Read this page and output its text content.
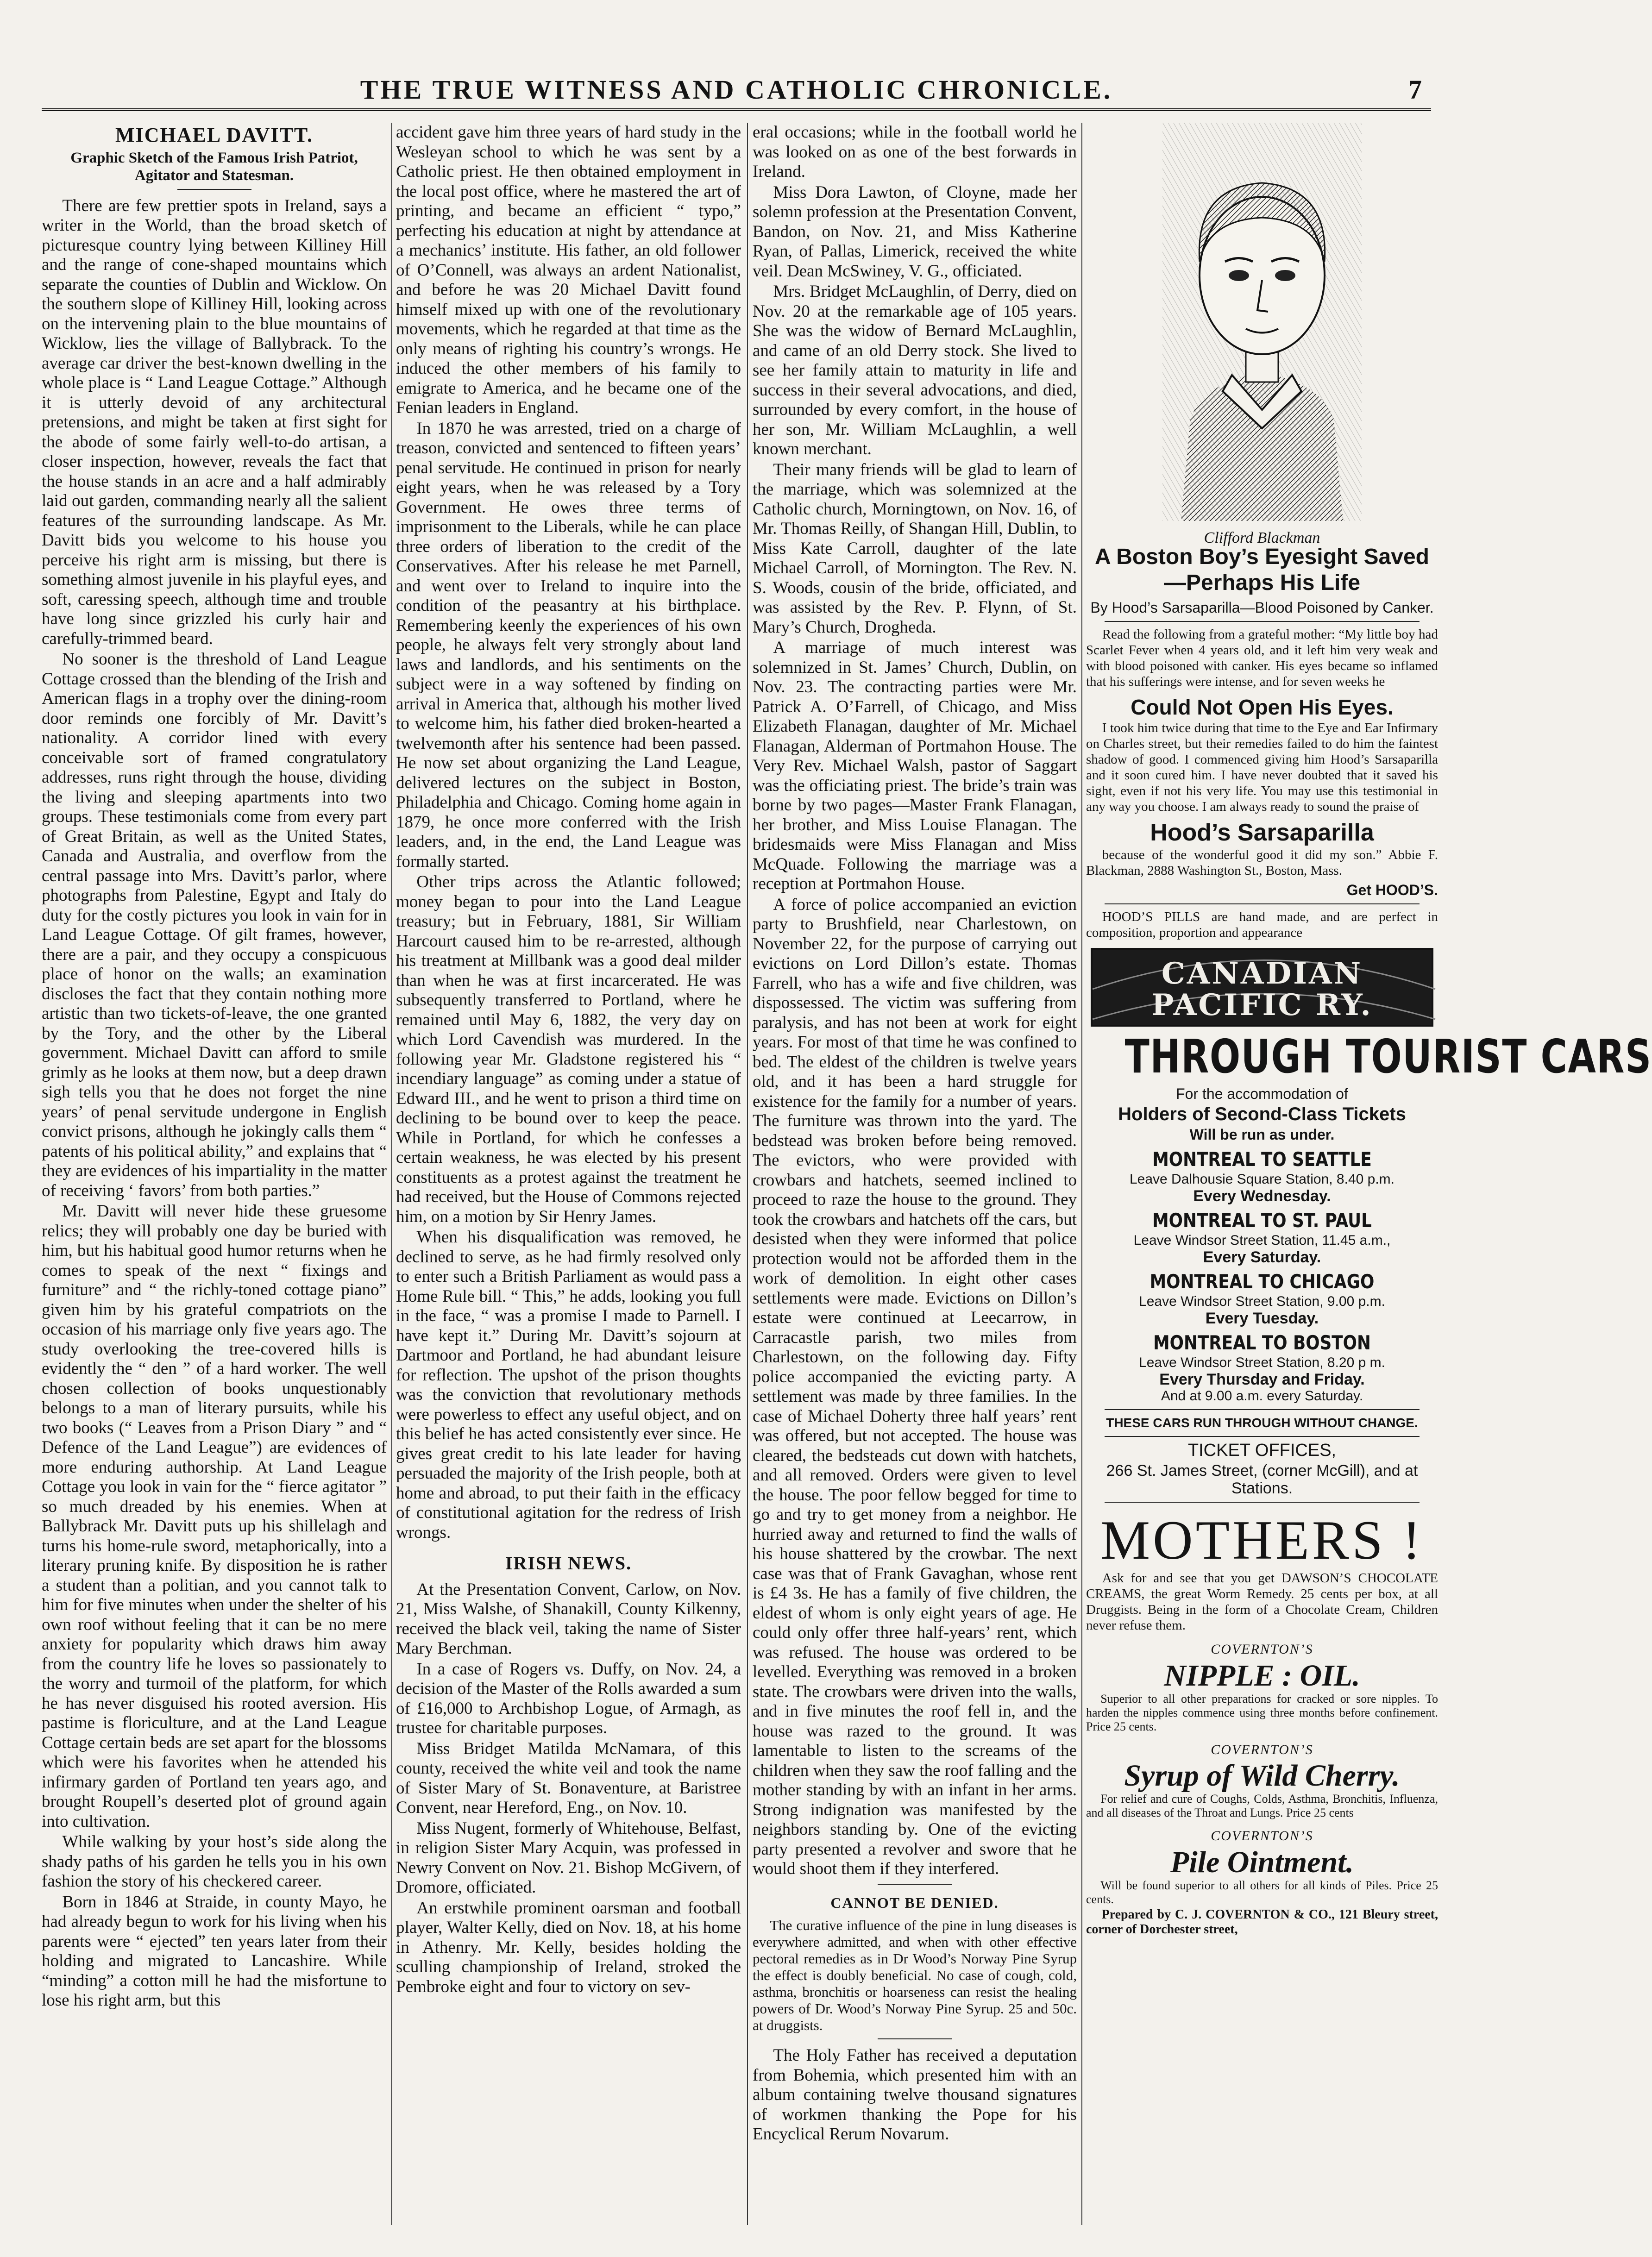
THE TRUE WITNESS AND CATHOLIC CHRONICLE.	7

MICHAEL DAVITT.

Graphic Sketch of the Famous Irish Patriot, Agitator and Statesman.

There are few prettier spots in Ireland, says a writer in the World, than the broad sketch of picturesque country lying between Killiney Hill and the range of cone-shaped mountains which separate the counties of Dublin and Wicklow. On the southern slope of Killiney Hill, looking across on the intervening plain to the blue mountains of Wicklow, lies the village of Ballybrack. To the average car driver the best-known dwelling in the whole place is “ Land League Cottage.” Although it is utterly devoid of any architectural pretensions, and might be taken at first sight for the abode of some fairly well-to-do artisan, a closer inspection, however, reveals the fact that the house stands in an acre and a half admirably laid out garden, commanding nearly all the salient features of the surrounding landscape. As Mr. Davitt bids you welcome to his house you perceive his right arm is missing, but there is something almost juvenile in his playful eyes, and soft, caressing speech, although time and trouble have long since grizzled his curly hair and carefully-trimmed beard.

No sooner is the threshold of Land League Cottage crossed than the blending of the Irish and American flags in a trophy over the dining-room door reminds one forcibly of Mr. Davitt’s nationality. A corridor lined with every conceivable sort of framed congratulatory addresses, runs right through the house, dividing the living and sleeping apartments into two groups. These testimonials come from every part of Great Britain, as well as the United States, Canada and Australia, and overflow from the central passage into Mrs. Davitt’s parlor, where photographs from Palestine, Egypt and Italy do duty for the costly pictures you look in vain for in Land League Cottage. Of gilt frames, however, there are a pair, and they occupy a conspicuous place of honor on the walls; an examination discloses the fact that they contain nothing more artistic than two tickets-of-leave, the one granted by the Tory, and the other by the Liberal government. Michael Davitt can afford to smile grimly as he looks at them now, but a deep drawn sigh tells you that he does not forget the nine years’ of penal servitude undergone in English convict prisons, although he jokingly calls them “ patents of his political ability,” and explains that “ they are evidences of his impartiality in the matter of receiving ‘ favors’ from both parties.”

Mr. Davitt will never hide these gruesome relics; they will probably one day be buried with him, but his habitual good humor returns when he comes to speak of the next “ fixings and furniture” and “ the richly-toned cottage piano” given him by his grateful compatriots on the occasion of his marriage only five years ago. The study overlooking the tree-covered hills is evidently the “ den ” of a hard worker. The well chosen collection of books unquestionably belongs to a man of literary pursuits, while his two books (“ Leaves from a Prison Diary ” and “ Defence of the Land League”) are evidences of more enduring authorship. At Land League Cottage you look in vain for the “ fierce agitator ” so much dreaded by his enemies. When at Ballybrack Mr. Davitt puts up his shillelagh and turns his home-rule sword, metaphorically, into a literary pruning knife. By disposition he is rather a student than a politian, and you cannot talk to him for five minutes when under the shelter of his own roof without feeling that it can be no mere anxiety for popularity which draws him away from the country life he loves so passionately to the worry and turmoil of the platform, for which he has never disguised his rooted aversion. His pastime is floriculture, and at the Land League Cottage certain beds are set apart for the blossoms which were his favorites when he attended his infirmary garden of Portland ten years ago, and brought Roupell’s deserted plot of ground again into cultivation.

While walking by your host’s side along the shady paths of his garden he tells you in his own fashion the story of his checkered career.

Born in 1846 at Straide, in county Mayo, he had already begun to work for his living when his parents were “ ejected” ten years later from their holding and migrated to Lancashire. While “minding” a cotton mill he had the misfortune to lose his right arm, but this

accident gave him three years of hard study in the Wesleyan school to which he was sent by a Catholic priest. He then obtained employment in the local post office, where he mastered the art of printing, and became an efficient “ typo,” perfecting his education at night by attendance at a mechanics’ institute. His father, an old follower of O’Connell, was always an ardent Nationalist, and before he was 20 Michael Davitt found himself mixed up with one of the revolutionary movements, which he regarded at that time as the only means of righting his country’s wrongs. He induced the other members of his family to emigrate to America, and he became one of the Fenian leaders in England.

In 1870 he was arrested, tried on a charge of treason, convicted and sentenced to fifteen years’ penal servitude. He continued in prison for nearly eight years, when he was released by a Tory Government. He owes three terms of imprisonment to the Liberals, while he can place three orders of liberation to the credit of the Conservatives. After his release he met Parnell, and went over to Ireland to inquire into the condition of the peasantry at his birthplace. Remembering keenly the experiences of his own people, he always felt very strongly about land laws and landlords, and his sentiments on the subject were in a way softened by finding on arrival in America that, although his mother lived to welcome him, his father died broken-hearted a twelvemonth after his sentence had been passed. He now set about organizing the Land League, delivered lectures on the subject in Boston, Philadelphia and Chicago. Coming home again in 1879, he once more conferred with the Irish leaders, and, in the end, the Land League was formally started.

Other trips across the Atlantic followed; money began to pour into the Land League treasury; but in February, 1881, Sir William Harcourt caused him to be re-arrested, although his treatment at Millbank was a good deal milder than when he was at first incarcerated. He was subsequently transferred to Portland, where he remained until May 6, 1882, the very day on which Lord Cavendish was murdered. In the following year Mr. Gladstone registered his “ incendiary language” as coming under a statue of Edward III., and he went to prison a third time on declining to be bound over to keep the peace. While in Portland, for which he confesses a certain weakness, he was elected by his present constituents as a protest against the treatment he had received, but the House of Commons rejected him, on a motion by Sir Henry James.

When his disqualification was removed, he declined to serve, as he had firmly resolved only to enter such a British Parliament as would pass a Home Rule bill. “ This,” he adds, looking you full in the face, “ was a promise I made to Parnell. I have kept it.” During Mr. Davitt’s sojourn at Dartmoor and Portland, he had abundant leisure for reflection. The upshot of the prison thoughts was the conviction that revolutionary methods were powerless to effect any useful object, and on this belief he has acted consistently ever since. He gives great credit to his late leader for having persuaded the majority of the Irish people, both at home and abroad, to put their faith in the efficacy of constitutional agitation for the redress of Irish wrongs.

IRISH NEWS.

At the Presentation Convent, Carlow, on Nov. 21, Miss Walshe, of Shanakill, County Kilkenny, received the black veil, taking the name of Sister Mary Berchman.

In a case of Rogers vs. Duffy, on Nov. 24, a decision of the Master of the Rolls awarded a sum of £16,000 to Archbishop Logue, of Armagh, as trustee for charitable purposes.

Miss Bridget Matilda McNamara, of this county, received the white veil and took the name of Sister Mary of St. Bonaventure, at Baristree Convent, near Hereford, Eng., on Nov. 10.

Miss Nugent, formerly of Whitehouse, Belfast, in religion Sister Mary Acquin, was professed in Newry Convent on Nov. 21. Bishop McGivern, of Dromore, officiated.

An erstwhile prominent oarsman and football player, Walter Kelly, died on Nov. 18, at his home in Athenry. Mr. Kelly, besides holding the sculling championship of Ireland, stroked the Pembroke eight and four to victory on sev-

eral occasions; while in the football world he was looked on as one of the best forwards in Ireland.

Miss Dora Lawton, of Cloyne, made her solemn profession at the Presentation Convent, Bandon, on Nov. 21, and Miss Katherine Ryan, of Pallas, Limerick, received the white veil. Dean McSwiney, V. G., officiated.

Mrs. Bridget McLaughlin, of Derry, died on Nov. 20 at the remarkable age of 105 years. She was the widow of Bernard McLaughlin, and came of an old Derry stock. She lived to see her family attain to maturity in life and success in their several advocations, and died, surrounded by every comfort, in the house of her son, Mr. William McLaughlin, a well known merchant.

Their many friends will be glad to learn of the marriage, which was solemnized at the Catholic church, Morningtown, on Nov. 16, of Mr. Thomas Reilly, of Shangan Hill, Dublin, to Miss Kate Carroll, daughter of the late Michael Carroll, of Mornington. The Rev. N. S. Woods, cousin of the bride, officiated, and was assisted by the Rev. P. Flynn, of St. Mary’s Church, Drogheda.

A marriage of much interest was solemnized in St. James’ Church, Dublin, on Nov. 23. The contracting parties were Mr. Patrick A. O’Farrell, of Chicago, and Miss Elizabeth Flanagan, daughter of Mr. Michael Flanagan, Alderman of Portmahon House. The Very Rev. Michael Walsh, pastor of Saggart was the officiating priest. The bride’s train was borne by two pages—Master Frank Flanagan, her brother, and Miss Louise Flanagan. The bridesmaids were Miss Flanagan and Miss McQuade. Following the marriage was a reception at Portmahon House.

A force of police accompanied an eviction party to Brushfield, near Charlestown, on November 22, for the purpose of carrying out evictions on Lord Dillon’s estate. Thomas Farrell, who has a wife and five children, was dispossessed. The victim was suffering from paralysis, and has not been at work for eight years. For most of that time he was confined to bed. The eldest of the children is twelve years old, and it has been a hard struggle for existence for the family for a number of years. The furniture was thrown into the yard. The bedstead was broken before being removed. The evictors, who were provided with crowbars and hatchets, seemed inclined to proceed to raze the house to the ground. They took the crowbars and hatchets off the cars, but desisted when they were informed that police protection would not be afforded them in the work of demolition. In eight other cases settlements were made. Evictions on Dillon’s estate were continued at Leecarrow, in Carracastle parish, two miles from Charlestown, on the following day. Fifty police accompanied the evicting party. A settlement was made by three families. In the case of Michael Doherty three half years’ rent was offered, but not accepted. The house was cleared, the bedsteads cut down with hatchets, and all removed. Orders were given to level the house. The poor fellow begged for time to go and try to get money from a neighbor. He hurried away and returned to find the walls of his house shattered by the crowbar. The next case was that of Frank Gavaghan, whose rent is £4 3s. He has a family of five children, the eldest of whom is only eight years of age. He could only offer three half-years’ rent, which was refused. The house was ordered to be levelled. Everything was removed in a broken state. The crowbars were driven into the walls, and in five minutes the roof fell in, and the house was razed to the ground. It was lamentable to listen to the screams of the children when they saw the roof falling and the mother standing by with an infant in her arms. Strong indignation was manifested by the neighbors standing by. One of the evicting party presented a revolver and swore that he would shoot them if they interfered.

CANNOT BE DENIED.

The curative influence of the pine in lung diseases is everywhere admitted, and when with other effective pectoral remedies as in Dr Wood’s Norway Pine Syrup the effect is doubly beneficial. No case of cough, cold, asthma, bronchitis or hoarseness can resist the healing powers of Dr. Wood’s Norway Pine Syrup. 25 and 50c. at druggists.

The Holy Father has received a deputation from Bohemia, which presented him with an album containing twelve thousand signatures of workmen thanking the Pope for his Encyclical Rerum Novarum.

Clifford Blackman
A Boston Boy’s Eyesight Saved—Perhaps His Life
By Hood’s Sarsaparilla—Blood Poisoned by Canker.

Read the following from a grateful mother: “My little boy had Scarlet Fever when 4 years old, and it left him very weak and with blood poisoned with canker. His eyes became so inflamed that his sufferings were intense, and for seven weeks he

Could Not Open His Eyes.

I took him twice during that time to the Eye and Ear Infirmary on Charles street, but their remedies failed to do him the faintest shadow of good. I commenced giving him Hood’s Sarsaparilla and it soon cured him. I have never doubted that it saved his sight, even if not his very life. You may use this testimonial in any way you choose. I am always ready to sound the praise of

Hood’s Sarsaparilla

because of the wonderful good it did my son.” Abbie F. Blackman, 2888 Washington St., Boston, Mass.

Get HOOD’S.

HOOD’S PILLS are hand made, and are perfect in composition, proportion and appearance

CANADIAN
PACIFIC RY.
THROUGH TOURIST CARS
For the accommodation of
Holders of Second-Class Tickets
Will be run as under.
MONTREAL TO SEATTLE
Leave Dalhousie Square Station, 8.40 p.m.
Every Wednesday.
MONTREAL TO ST. PAUL
Leave Windsor Street Station, 11.45 a.m.,
Every Saturday.
MONTREAL TO CHICAGO
Leave Windsor Street Station, 9.00 p.m.
Every Tuesday.
MONTREAL TO BOSTON
Leave Windsor Street Station, 8.20 p m.
Every Thursday and Friday.
And at 9.00 a.m. every Saturday.
THESE CARS RUN THROUGH WITHOUT CHANGE.
TICKET OFFICES,
266 St. James Street, (corner McGill), and at Stations.
MOTHERS !

Ask for and see that you get DAWSON’S CHOCOLATE CREAMS, the great Worm Remedy. 25 cents per box, at all Druggists. Being in the form of a Chocolate Cream, Children never refuse them.

COVERNTON’S
NIPPLE : OIL.

Superior to all other preparations for cracked or sore nipples. To harden the nipples commence using three months before confinement. Price 25 cents.

COVERNTON’S
Syrup of Wild Cherry.

For relief and cure of Coughs, Colds, Asthma, Bronchitis, Influenza, and all diseases of the Throat and Lungs. Price 25 cents

COVERNTON’S
Pile Ointment.

Will be found superior to all others for all kinds of Piles. Price 25 cents.

Prepared by C. J. COVERNTON & CO., 121 Bleury street, corner of Dorchester street,
